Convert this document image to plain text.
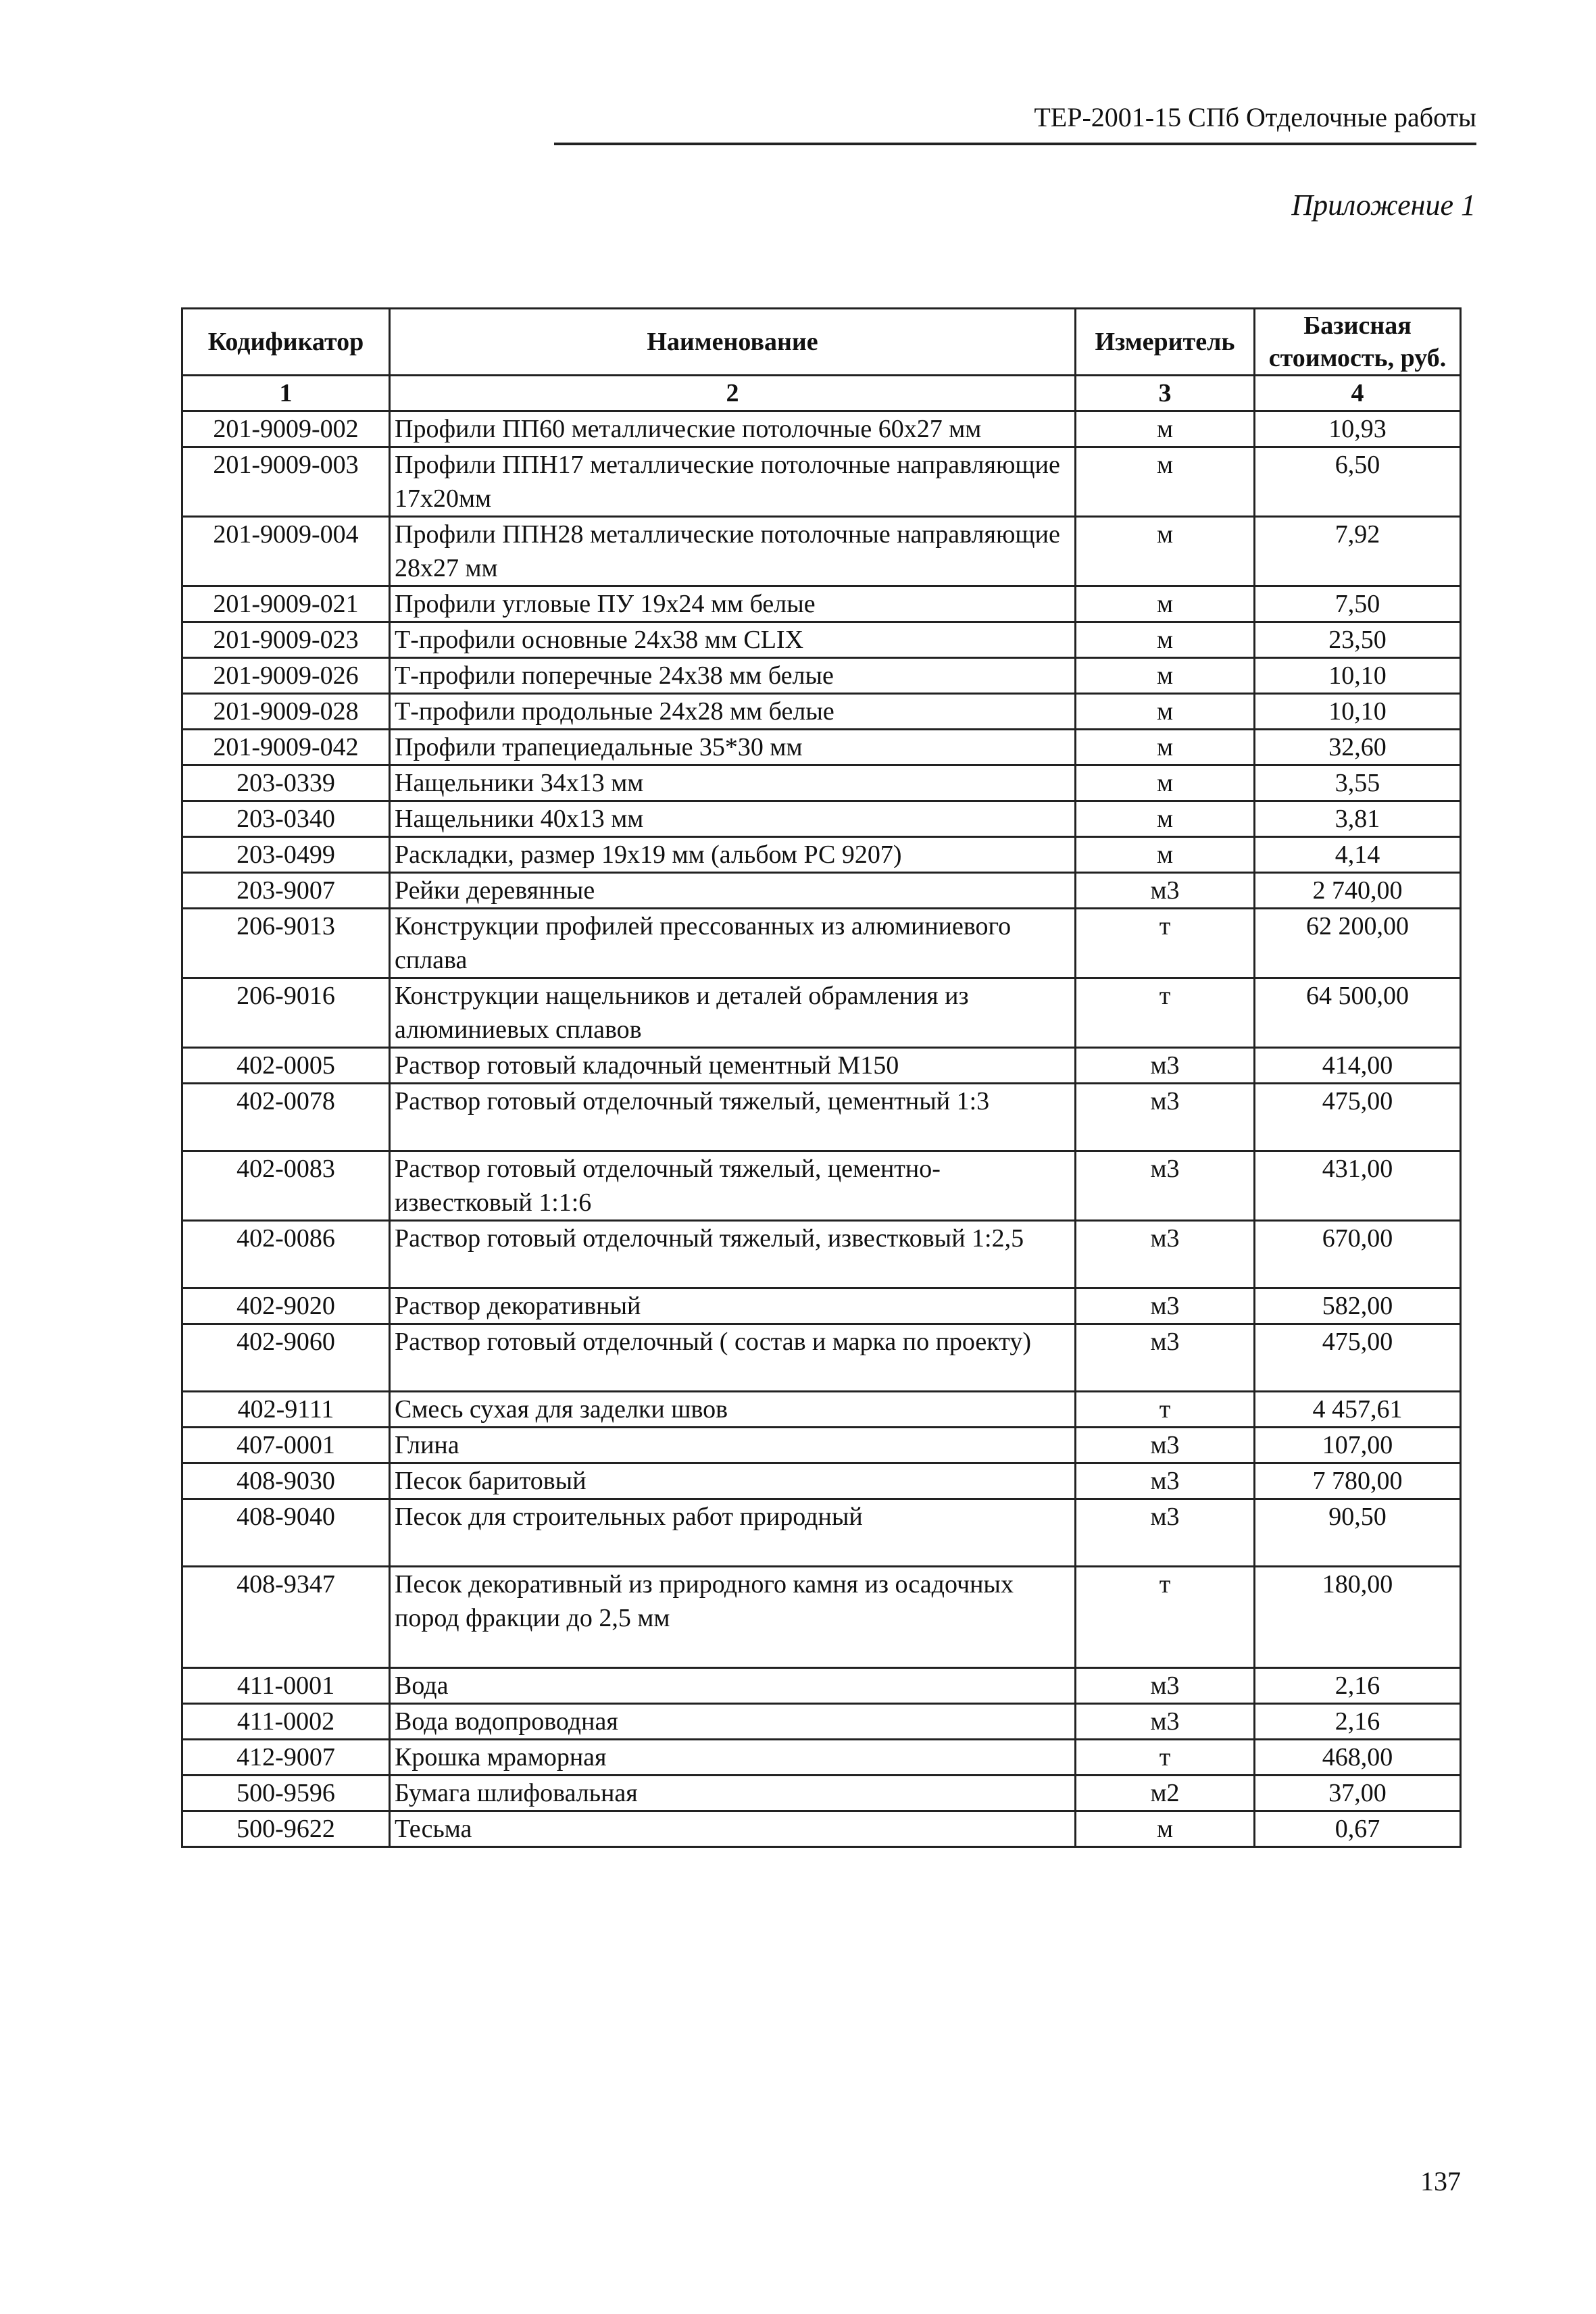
ТЕР-2001-15 СПб Отделочные работы
Приложение 1
Кодификатор	Наименование	Измеритель	Базисная стоимость, руб.
1	2	3	4
201-9009-002	Профили ПП60 металлические потолочные 60х27 мм	м	10,93
201-9009-003	Профили ППН17 металлические потолочные направляющие 17х20мм	м	6,50
201-9009-004	Профили ППН28 металлические потолочные направляющие 28х27 мм	м	7,92
201-9009-021	Профили угловые ПУ 19х24 мм белые	м	7,50
201-9009-023	Т-профили основные 24х38 мм CLIX	м	23,50
201-9009-026	Т-профили поперечные 24х38 мм белые	м	10,10
201-9009-028	Т-профили продольные 24х28 мм белые	м	10,10
201-9009-042	Профили трапециедальные 35*30 мм	м	32,60
203-0339	Нащельники 34х13 мм	м	3,55
203-0340	Нащельники 40х13 мм	м	3,81
203-0499	Раскладки, размер 19х19 мм (альбом РС 9207)	м	4,14
203-9007	Рейки деревянные	м3	2 740,00
206-9013	Конструкции профилей прессованных из алюминиевого сплава	т	62 200,00
206-9016	Конструкции нащельников и деталей обрамления из алюминиевых сплавов	т	64 500,00
402-0005	Раствор готовый кладочный цементный М150	м3	414,00
402-0078	Раствор готовый отделочный тяжелый, цементный 1:3	м3	475,00
402-0083	Раствор готовый отделочный тяжелый, цементно-известковый 1:1:6	м3	431,00
402-0086	Раствор готовый отделочный тяжелый, известковый 1:2,5	м3	670,00
402-9020	Раствор декоративный	м3	582,00
402-9060	Раствор готовый отделочный ( состав и марка по проекту)	м3	475,00
402-9111	Смесь сухая для заделки швов	т	4 457,61
407-0001	Глина	м3	107,00
408-9030	Песок баритовый	м3	7 780,00
408-9040	Песок для строительных работ природный	м3	90,50
408-9347	Песок декоративный из природного камня из осадочных пород фракции до 2,5 мм	т	180,00
411-0001	Вода	м3	2,16
411-0002	Вода водопроводная	м3	2,16
412-9007	Крошка мраморная	т	468,00
500-9596	Бумага шлифовальная	м2	37,00
500-9622	Тесьма	м	0,67
137
